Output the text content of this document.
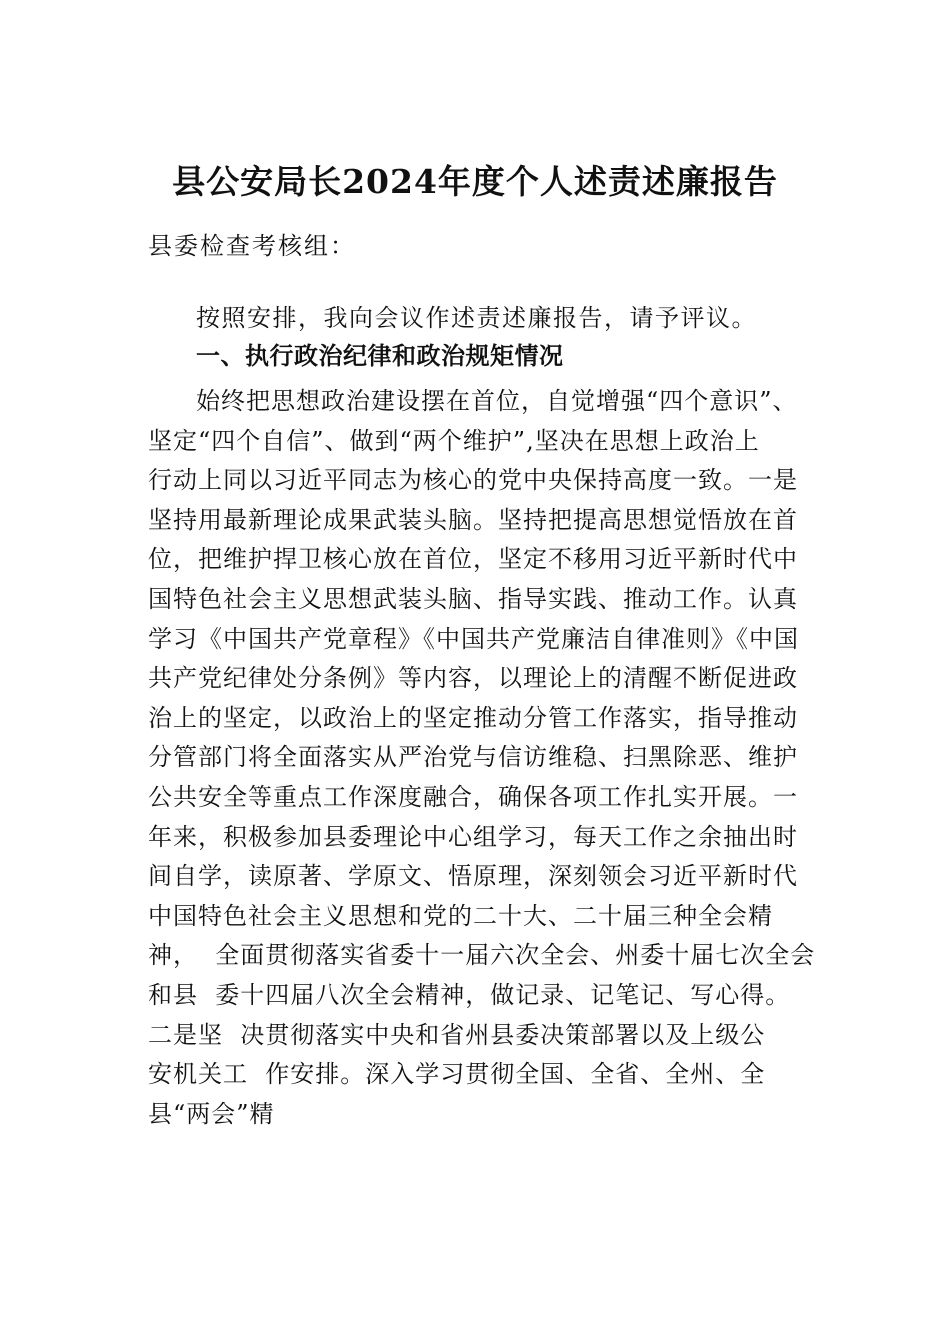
县公安局长2024年度个人述责述廉报告
县委检查考核组：
按照安排，我向会议作述责述廉报告，请予评议。
一、执行政治纪律和政治规矩情况
始终把思想政治建设摆在首位，自觉增强“四个意识”、
坚定“四个自信”、做到“两个维护”,坚决在思想上政治上
行动上同以习近平同志为核心的党中央保持高度一致。一是
坚持用最新理论成果武装头脑。坚持把提高思想觉悟放在首
位，把维护捍卫核心放在首位，坚定不移用习近平新时代中
国特色社会主义思想武装头脑、指导实践、推动工作。认真
学习《中国共产党章程》《中国共产党廉洁自律准则》《中国
共产党纪律处分条例》等内容，以理论上的清醒不断促进政
治上的坚定，以政治上的坚定推动分管工作落实，指导推动
分管部门将全面落实从严治党与信访维稳、扫黑除恶、维护
公共安全等重点工作深度融合，确保各项工作扎实开展。一
年来，积极参加县委理论中心组学习，每天工作之余抽出时
间自学，读原著、学原文、悟原理，深刻领会习近平新时代
中国特色社会主义思想和党的二十大、二十届三种全会精
神，  全面贯彻落实省委十一届六次全会、州委十届七次全会
和县  委十四届八次全会精神，做记录、记笔记、写心得。
二是坚  决贯彻落实中央和省州县委决策部署以及上级公
安机关工  作安排。深入学习贯彻全国、全省、全州、全
县“两会”精
